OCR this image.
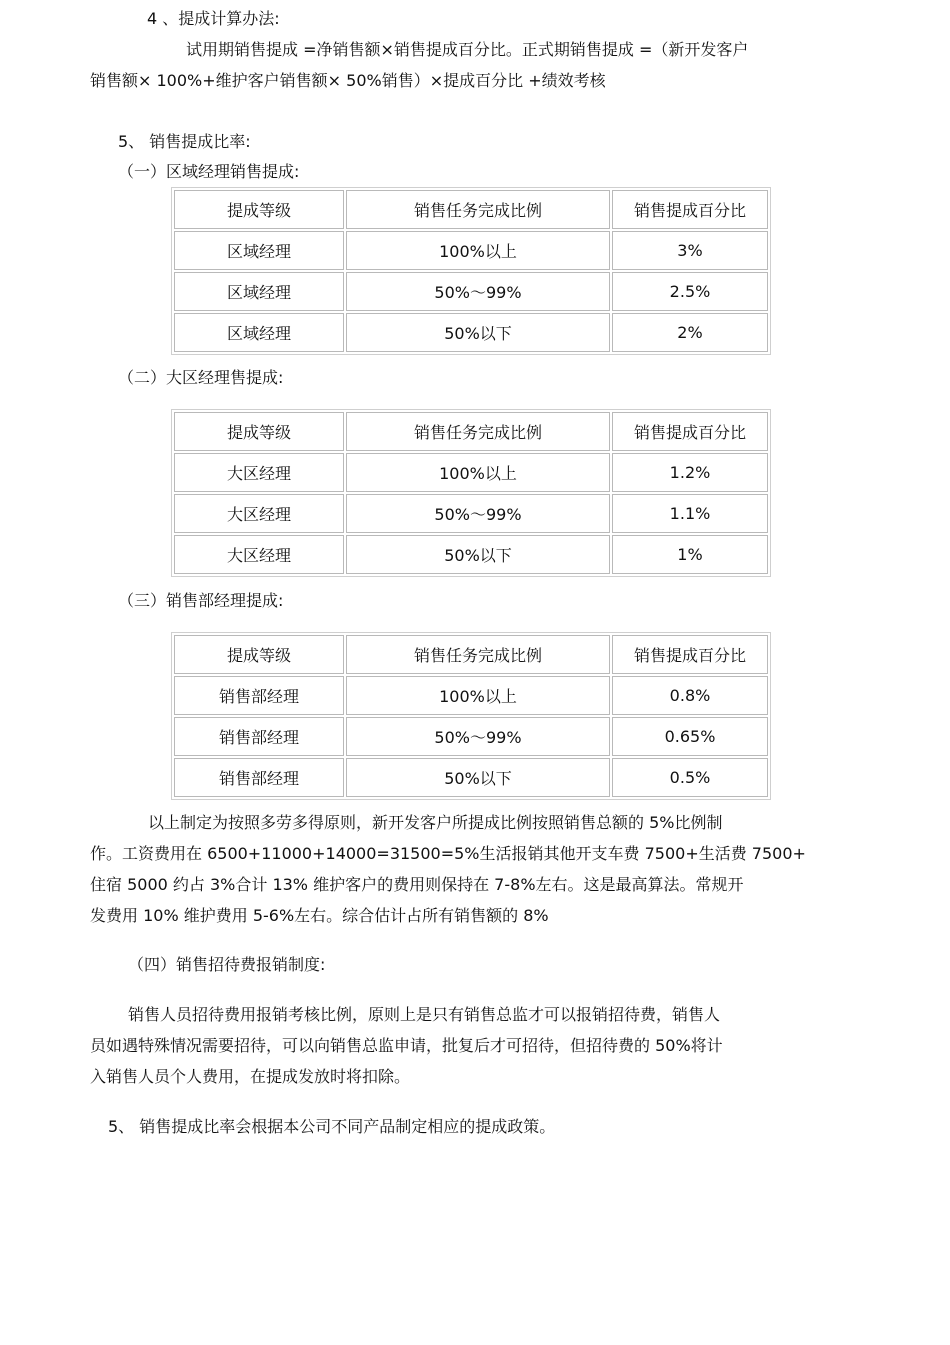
4 、提成计算办法:
试用期销售提成 =净销售额×销售提成百分比。正式期销售提成 =（新开发客户
销售额× 100%+维护客户销售额× 50%销售）×提成百分比 +绩效考核
5、 销售提成比率:
（一）区域经理销售提成:
提成等级	销售任务完成比例	销售提成百分比
区域经理	100%以上	3%
区域经理	50%～99%	2.5%
区域经理	50%以下	2%
（二）大区经理售提成:
提成等级	销售任务完成比例	销售提成百分比
大区经理	100%以上	1.2%
大区经理	50%～99%	1.1%
大区经理	50%以下	1%
（三）销售部经理提成:
提成等级	销售任务完成比例	销售提成百分比
销售部经理	100%以上	0.8%
销售部经理	50%～99%	0.65%
销售部经理	50%以下	0.5%
以上制定为按照多劳多得原则，新开发客户所提成比例按照销售总额的 5%比例制
作。工资费用在 6500+11000+14000=31500=5%生活报销其他开支车费 7500+生活费 7500+
住宿 5000 约占 3%合计 13% 维护客户的费用则保持在 7-8%左右。这是最高算法。常规开
发费用 10% 维护费用 5-6%左右。综合估计占所有销售额的 8%
（四）销售招待费报销制度:
销售人员招待费用报销考核比例，原则上是只有销售总监才可以报销招待费，销售人
员如遇特殊情况需要招待，可以向销售总监申请，批复后才可招待，但招待费的 50%将计
入销售人员个人费用，在提成发放时将扣除。
5、 销售提成比率会根据本公司不同产品制定相应的提成政策。
